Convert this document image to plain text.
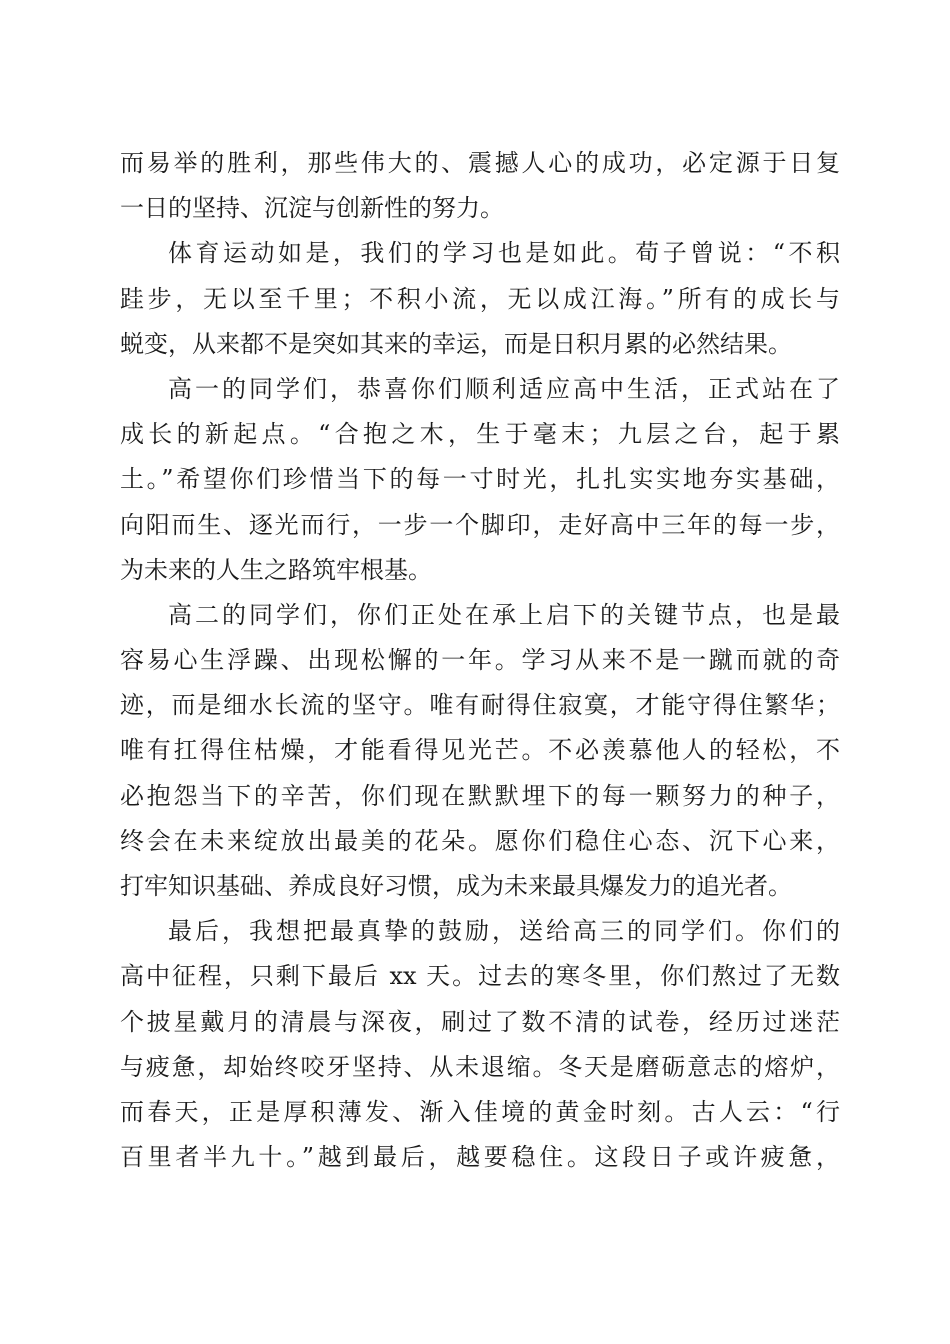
而易举的胜利，那些伟大的、震撼人心的成功，必定源于日复
一日的坚持、沉淀与创新性的努力。
体育运动如是，我们的学习也是如此。荀子曾说：“不积
跬步，无以至千里；不积小流，无以成江海。”所有的成长与
蜕变，从来都不是突如其来的幸运，而是日积月累的必然结果。
高一的同学们，恭喜你们顺利适应高中生活，正式站在了
成长的新起点。“合抱之木，生于毫末；九层之台，起于累
土。”希望你们珍惜当下的每一寸时光，扎扎实实地夯实基础，
向阳而生、逐光而行，一步一个脚印，走好高中三年的每一步，
为未来的人生之路筑牢根基。
高二的同学们，你们正处在承上启下的关键节点，也是最
容易心生浮躁、出现松懈的一年。学习从来不是一蹴而就的奇
迹，而是细水长流的坚守。唯有耐得住寂寞，才能守得住繁华；
唯有扛得住枯燥，才能看得见光芒。不必羡慕他人的轻松，不
必抱怨当下的辛苦，你们现在默默埋下的每一颗努力的种子，
终会在未来绽放出最美的花朵。愿你们稳住心态、沉下心来，
打牢知识基础、养成良好习惯，成为未来最具爆发力的追光者。
最后，我想把最真挚的鼓励，送给高三的同学们。你们的
高中征程，只剩下最后 xx 天。过去的寒冬里，你们熬过了无数
个披星戴月的清晨与深夜，刷过了数不清的试卷，经历过迷茫
与疲惫，却始终咬牙坚持、从未退缩。冬天是磨砺意志的熔炉，
而春天，正是厚积薄发、渐入佳境的黄金时刻。古人云：“行
百里者半九十。”越到最后，越要稳住。这段日子或许疲惫，
